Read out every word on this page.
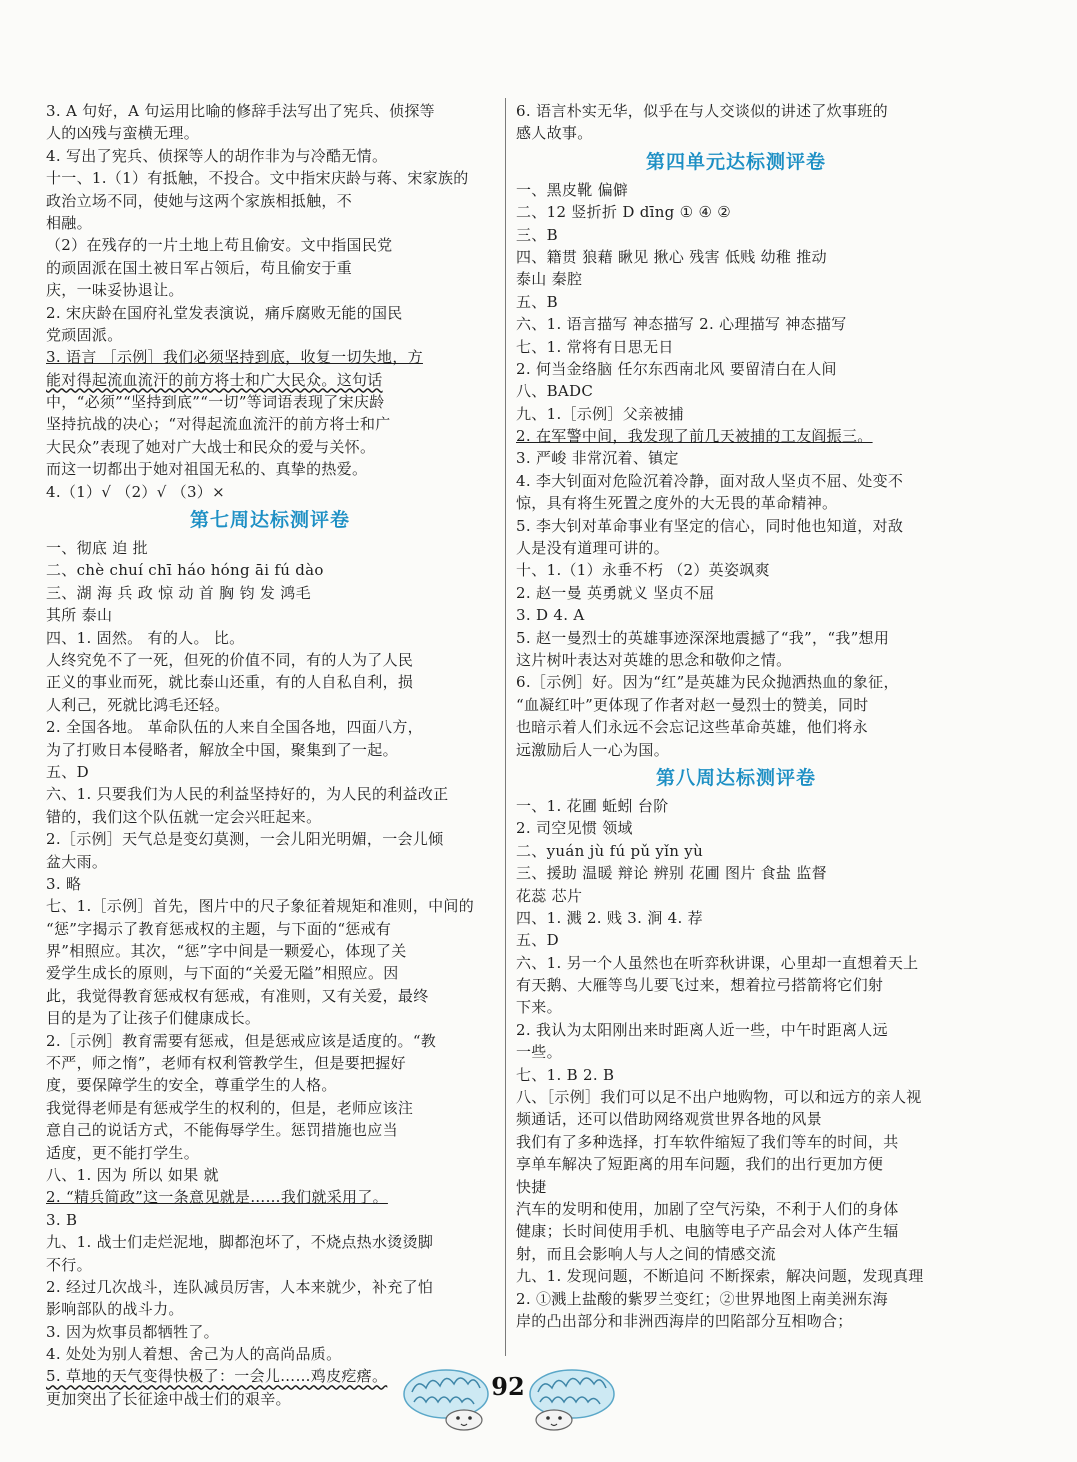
3. A 句好，A 句运用比喻的修辞手法写出了宪兵、侦探等
人的凶残与蛮横无理。
4. 写出了宪兵、侦探等人的胡作非为与冷酷无情。
十一、1.（1）有抵触，不投合。文中指宋庆龄与蒋、宋家族的
政治立场不同，使她与这两个家族相抵触，不
相融。
（2）在残存的一片土地上苟且偷安。文中指国民党
的顽固派在国土被日军占领后，苟且偷安于重
庆，一味妥协退让。
2. 宋庆龄在国府礼堂发表演说，痛斥腐败无能的国民
党顽固派。
3. 语言 ［示例］我们必须坚持到底，收复一切失地，方
能对得起流血流汗的前方将士和广大民众。这句话
中，“必须”“坚持到底”“一切”等词语表现了宋庆龄
坚持抗战的决心；“对得起流血流汗的前方将士和广
大民众”表现了她对广大战士和民众的爱与关怀。
而这一切都出于她对祖国无私的、真挚的热爱。
4.（1）√ （2）√ （3）×
第七周达标测评卷
一、彻底 迫 批
二、chè chuí chī háo hóng āi fú dào
三、湖 海 兵 政 惊 动 首 胸 钧 发 鸿毛
其所 泰山
四、1. 固然。 有的人。 比。
人终究免不了一死，但死的价值不同，有的人为了人民
正义的事业而死，就比泰山还重，有的人自私自利，损
人利己，死就比鸿毛还轻。
2. 全国各地。 革命队伍的人来自全国各地，四面八方，
为了打败日本侵略者，解放全中国，聚集到了一起。
五、D
六、1. 只要我们为人民的利益坚持好的，为人民的利益改正
错的，我们这个队伍就一定会兴旺起来。
2.［示例］天气总是变幻莫测，一会儿阳光明媚，一会儿倾
盆大雨。
3. 略
七、1.［示例］首先，图片中的尺子象征着规矩和准则，中间的
“惩”字揭示了教育惩戒权的主题，与下面的“惩戒有
界”相照应。其次，“惩”字中间是一颗爱心，体现了关
爱学生成长的原则，与下面的“关爱无隘”相照应。因
此，我觉得教育惩戒权有惩戒，有准则，又有关爱，最终
目的是为了让孩子们健康成长。
2.［示例］教育需要有惩戒，但是惩戒应该是适度的。“教
不严，师之惰”，老师有权利管教学生，但是要把握好
度，要保障学生的安全，尊重学生的人格。
我觉得老师是有惩戒学生的权利的，但是，老师应该注
意自己的说话方式，不能侮辱学生。惩罚措施也应当
适度，更不能打学生。
八、1. 因为 所以 如果 就
2. “精兵简政”这一条意见就是……我们就采用了。
3. B
九、1. 战士们走烂泥地，脚都泡坏了，不烧点热水烫烫脚
不行。
2. 经过几次战斗，连队减员厉害，人本来就少，补充了怕
影响部队的战斗力。
3. 因为炊事员都牺牲了。
4. 处处为别人着想、舍己为人的高尚品质。
5. 草地的天气变得快极了：一会儿……鸡皮疙瘩。
更加突出了长征途中战士们的艰辛。
6. 语言朴实无华，似乎在与人交谈似的讲述了炊事班的
感人故事。
第四单元达标测评卷
一、黑皮靴 偏僻
二、12 竖折折 D dīng ① ④ ②
三、B
四、籍贯 狼藉 瞅见 揪心 残害 低贱 幼稚 推动
泰山 秦腔
五、B
六、1. 语言描写 神态描写 2. 心理描写 神态描写
七、1. 常将有日思无日
2. 何当金络脑 任尔东西南北风 要留清白在人间
八、BADC
九、1.［示例］父亲被捕
2. 在军警中间，我发现了前几天被捕的工友阎振三。
3. 严峻 非常沉着、镇定
4. 李大钊面对危险沉着冷静，面对敌人坚贞不屈、处变不
惊，具有将生死置之度外的大无畏的革命精神。
5. 李大钊对革命事业有坚定的信心，同时他也知道，对敌
人是没有道理可讲的。
十、1.（1）永垂不朽 （2）英姿飒爽
2. 赵一曼 英勇就义 坚贞不屈
3. D 4. A
5. 赵一曼烈士的英雄事迹深深地震撼了“我”，“我”想用
这片树叶表达对英雄的思念和敬仰之情。
6.［示例］好。因为“红”是英雄为民众抛洒热血的象征，
“血凝红叶”更体现了作者对赵一曼烈士的赞美，同时
也暗示着人们永远不会忘记这些革命英雄，他们将永
远激励后人一心为国。
第八周达标测评卷
一、1. 花圃 蚯蚓 台阶
2. 司空见惯 领域
二、yuán jù fú pǔ yǐn yù
三、援助 温暖 辩论 辨别 花圃 图片 食盐 监督
花蕊 芯片
四、1. 溅 2. 贱 3. 涧 4. 荐
五、D
六、1. 另一个人虽然也在听弈秋讲课，心里却一直想着天上
有天鹅、大雁等鸟儿要飞过来，想着拉弓搭箭将它们射
下来。
2. 我认为太阳刚出来时距离人近一些，中午时距离人远
一些。
七、1. B 2. B
八、［示例］我们可以足不出户地购物，可以和远方的亲人视
频通话，还可以借助网络观赏世界各地的风景
我们有了多种选择，打车软件缩短了我们等车的时间，共
享单车解决了短距离的用车问题，我们的出行更加方便
快捷
汽车的发明和使用，加剧了空气污染，不利于人们的身体
健康；长时间使用手机、电脑等电子产品会对人体产生辐
射，而且会影响人与人之间的情感交流
九、1. 发现问题，不断追问 不断探索，解决问题，发现真理
2. ①溅上盐酸的紫罗兰变红；②世界地图上南美洲东海
岸的凸出部分和非洲西海岸的凹陷部分互相吻合；
92
